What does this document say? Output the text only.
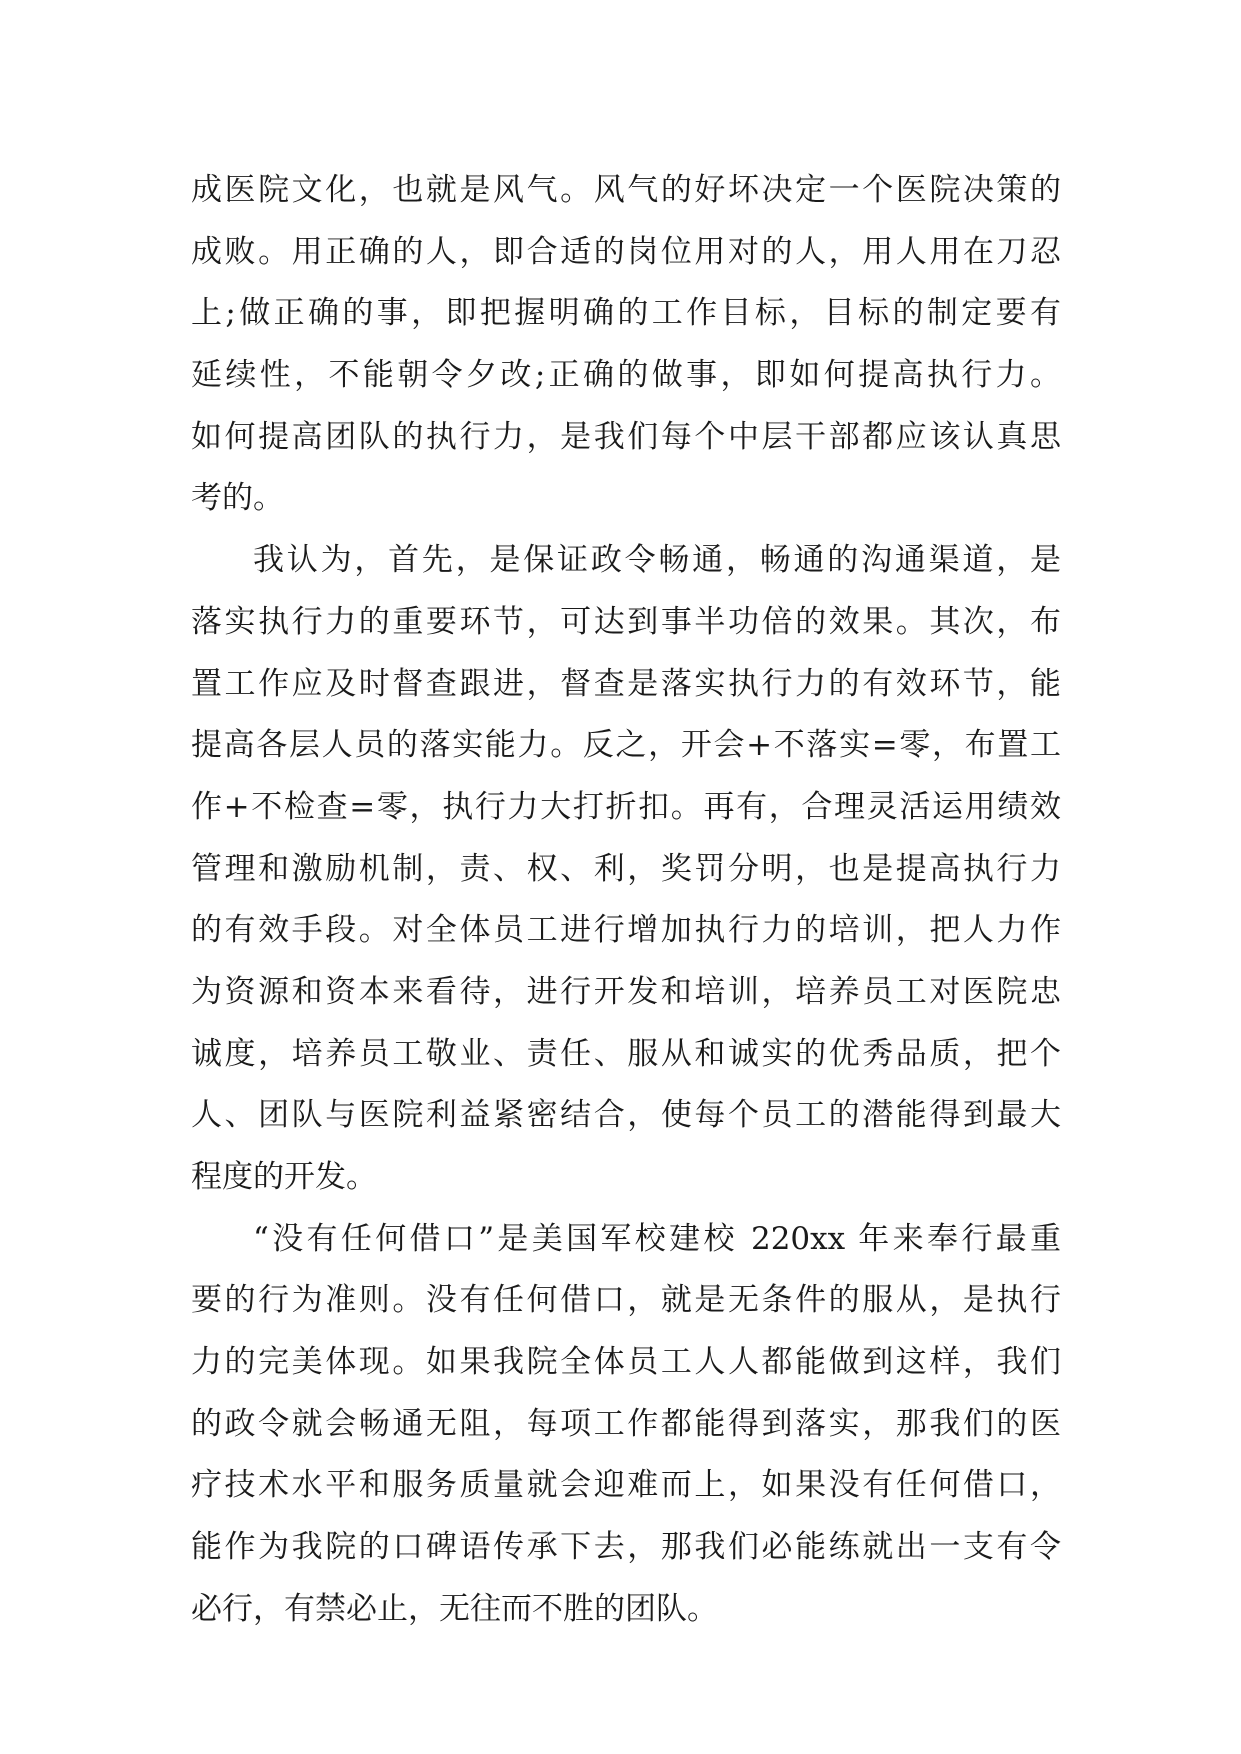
成医院文化，也就是风气。风气的好坏决定一个医院决策的
成败。用正确的人，即合适的岗位用对的人，用人用在刀忍
上;做正确的事，即把握明确的工作目标，目标的制定要有
延续性，不能朝令夕改;正确的做事，即如何提高执行力。
如何提高团队的执行力，是我们每个中层干部都应该认真思
考的。
我认为，首先，是保证政令畅通，畅通的沟通渠道，是
落实执行力的重要环节，可达到事半功倍的效果。其次，布
置工作应及时督查跟进，督查是落实执行力的有效环节，能
提高各层人员的落实能力。反之，开会+不落实=零，布置工
作+不检查=零，执行力大打折扣。再有，合理灵活运用绩效
管理和激励机制，责、权、利，奖罚分明，也是提高执行力
的有效手段。对全体员工进行增加执行力的培训，把人力作
为资源和资本来看待，进行开发和培训，培养员工对医院忠
诚度，培养员工敬业、责任、服从和诚实的优秀品质，把个
人、团队与医院利益紧密结合，使每个员工的潜能得到最大
程度的开发。
“没有任何借口”是美国军校建校 220xx 年来奉行最重
要的行为准则。没有任何借口，就是无条件的服从，是执行
力的完美体现。如果我院全体员工人人都能做到这样，我们
的政令就会畅通无阻，每项工作都能得到落实，那我们的医
疗技术水平和服务质量就会迎难而上，如果没有任何借口，
能作为我院的口碑语传承下去，那我们必能练就出一支有令
必行，有禁必止，无往而不胜的团队。
